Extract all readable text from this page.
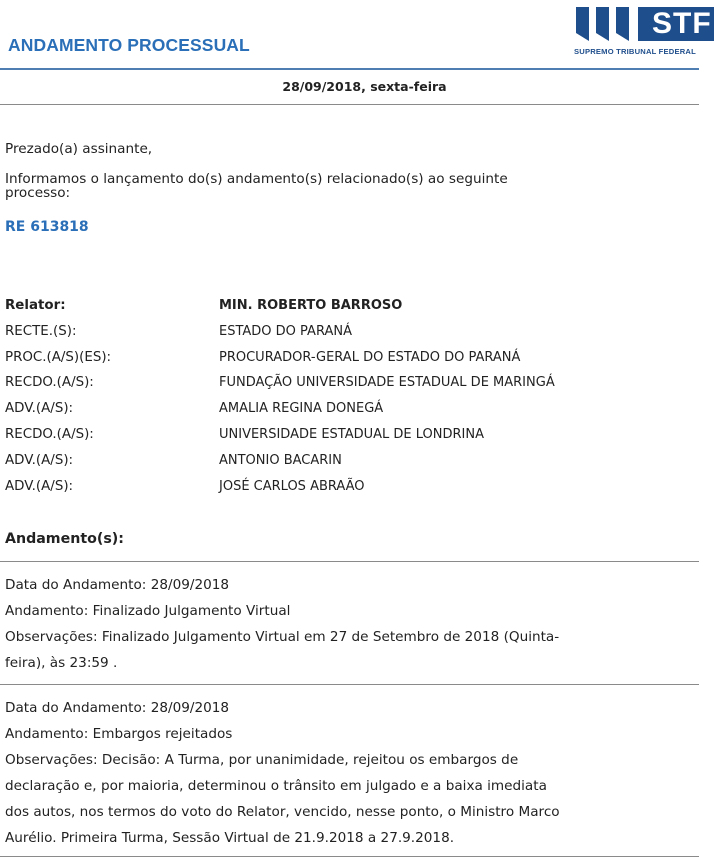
ANDAMENTO PROCESSUAL
STF
SUPREMO TRIBUNAL FEDERAL
28/09/2018, sexta-feira
Prezado(a) assinante,
Informamos o lançamento do(s) andamento(s) relacionado(s) ao seguinte
processo:
RE 613818
Relator:	MIN. ROBERTO BARROSO
RECTE.(S):	ESTADO DO PARANÁ
PROC.(A/S)(ES):	PROCURADOR-GERAL DO ESTADO DO PARANÁ
RECDO.(A/S):	FUNDAÇÃO UNIVERSIDADE ESTADUAL DE MARINGÁ
ADV.(A/S):	AMALIA REGINA DONEGÁ
RECDO.(A/S):	UNIVERSIDADE ESTADUAL DE LONDRINA
ADV.(A/S):	ANTONIO BACARIN
ADV.(A/S):	JOSÉ CARLOS ABRAÃO
Andamento(s):
Data do Andamento: 28/09/2018
Andamento: Finalizado Julgamento Virtual
Observações: Finalizado Julgamento Virtual em 27 de Setembro de 2018 (Quinta-
feira), às 23:59 .
Data do Andamento: 28/09/2018
Andamento: Embargos rejeitados
Observações: Decisão: A Turma, por unanimidade, rejeitou os embargos de
declaração e, por maioria, determinou o trânsito em julgado e a baixa imediata
dos autos, nos termos do voto do Relator, vencido, nesse ponto, o Ministro Marco
Aurélio. Primeira Turma, Sessão Virtual de 21.9.2018 a 27.9.2018.
